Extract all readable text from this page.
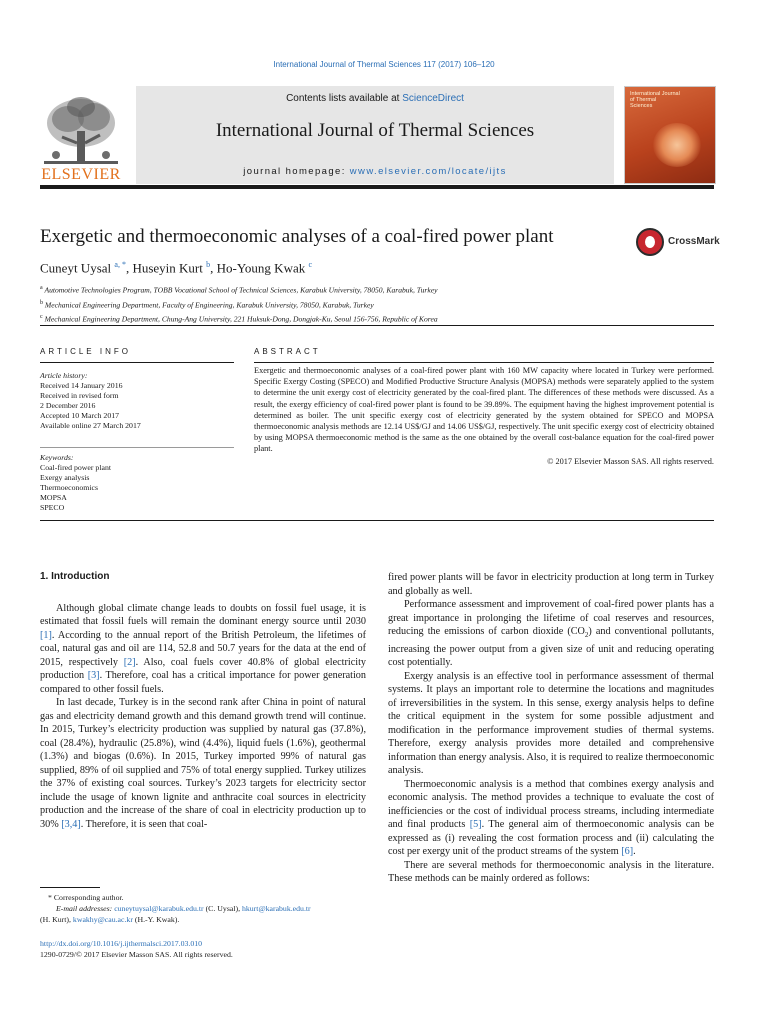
International Journal of Thermal Sciences 117 (2017) 106–120
ELSEVIER
Contents lists available at ScienceDirect
International Journal of Thermal Sciences
journal homepage: www.elsevier.com/locate/ijts
International Journal of Thermal Sciences
Exergetic and thermoeconomic analyses of a coal-fired power plant	CrossMark
Cuneyt Uysal $^{a, *}$, Huseyin Kurt $^b$, Ho-Young Kwak $^c$
$^a$ Automotive Technologies Program, TOBB Vocational School of Technical Sciences, Karabuk University, 78050, Karabuk, Turkey
$^b$ Mechanical Engineering Department, Faculty of Engineering, Karabuk University, 78050, Karabuk, Turkey
$^c$ Mechanical Engineering Department, Chung-Ang University, 221 Huksuk-Dong, Dongjak-Ku, Seoul 156-756, Republic of Korea
ARTICLE INFO
Article history:
Received 14 January 2016
Received in revised form
2 December 2016
Accepted 10 March 2017
Available online 27 March 2017
Keywords:
Coal-fired power plant
Exergy analysis
Thermoeconomics
MOPSA
SPECO
ABSTRACT
Exergetic and thermoeconomic analyses of a coal-fired power plant with 160 MW capacity where located in Turkey were performed. Specific Exergy Costing (SPECO) and Modified Productive Structure Analysis (MOPSA) methods were separately applied to the system to determine the unit exergy cost of electricity generated by the coal-fired plant. The differences of these methods were discussed. As a result, the exergy efficiency of coal-fired power plant is found to be 39.89%. The equipment having the highest improvement potential is determined as boiler. The unit specific exergy cost of electricity generated by the system obtained for SPECO and MOPSA thermoeconomic analysis methods are 12.14 US$/GJ and 14.06 US$/GJ, respectively. The unit specific exergy cost of electricity obtained by using MOPSA thermoeconomic method is the same as the one obtained by the overall cost-balance equation for the coal-fired power plant.
© 2017 Elsevier Masson SAS. All rights reserved.
1. Introduction

Although global climate change leads to doubts on fossil fuel usage, it is estimated that fossil fuels will remain the dominant energy source until 2030 [1]. According to the annual report of the British Petroleum, the lifetimes of coal, natural gas and oil are 114, 52.8 and 50.7 years for the data at the end of 2015, respectively [2]. Also, coal fuels cover 40.8% of global electricity production [3]. Therefore, coal has a critical importance for power generation compared to other fossil fuels.

In last decade, Turkey is in the second rank after China in point of natural gas and electricity demand growth and this demand growth trend will continue. In 2015, Turkey’s electricity production was supplied by natural gas (37.8%), coal (28.4%), hydraulic (25.8%), wind (4.4%), liquid fuels (1.6%), geothermal (1.3%) and biogas (0.6%). In 2015, Turkey imported 99% of natural gas supplied, 89% of oil supplied and 75% of total energy supplied. Turkey utilizes the 37% of existing coal sources. Turkey’s 2023 targets for electricity sector include the usage of known lignite and anthracite coal sources in electricity production and the increase of the share of coal in electricity production up to 30% [3,4]. Therefore, it is seen that coal-

fired power plants will be favor in electricity production at long term in Turkey and globally as well.

Performance assessment and improvement of coal-fired power plants has a great importance in prolonging the lifetime of coal reserves and resources, reducing the emissions of carbon dioxide $(CO_2)$ and conventional pollutants, increasing the power output from a given size of unit and reducing operating cost potentially.

Exergy analysis is an effective tool in performance assessment of thermal systems. It plays an important role to determine the locations and magnitudes of irreversibilities in the system. In this sense, exergy analysis helps to define the critical equipment in the system for some possible adjustment and modification in the performance improvement studies of thermal systems. Therefore, exergy analysis provides more detailed and comprehensive information than energy analysis. Also, it is required to realize thermoeconomic analysis.

Thermoeconomic analysis is a method that combines exergy analysis and economic analysis. The method provides a technique to evaluate the cost of inefficiencies or the cost of individual process streams, including intermediate and final products [5]. The general aim of thermoeconomic analysis can be expressed as (i) revealing the cost formation process and (ii) calculating the cost per exergy unit of the product streams of the system [6].

There are several methods for thermoeconomic analysis in the literature. These methods can be mainly ordered as follows:

* Corresponding author.
E-mail addresses: cuneytuysal@karabuk.edu.tr (C. Uysal), hkurt@karabuk.edu.tr
(H. Kurt), kwakhy@cau.ac.kr (H.-Y. Kwak).
http://dx.doi.org/10.1016/j.ijthermalsci.2017.03.010
1290-0729/© 2017 Elsevier Masson SAS. All rights reserved.
